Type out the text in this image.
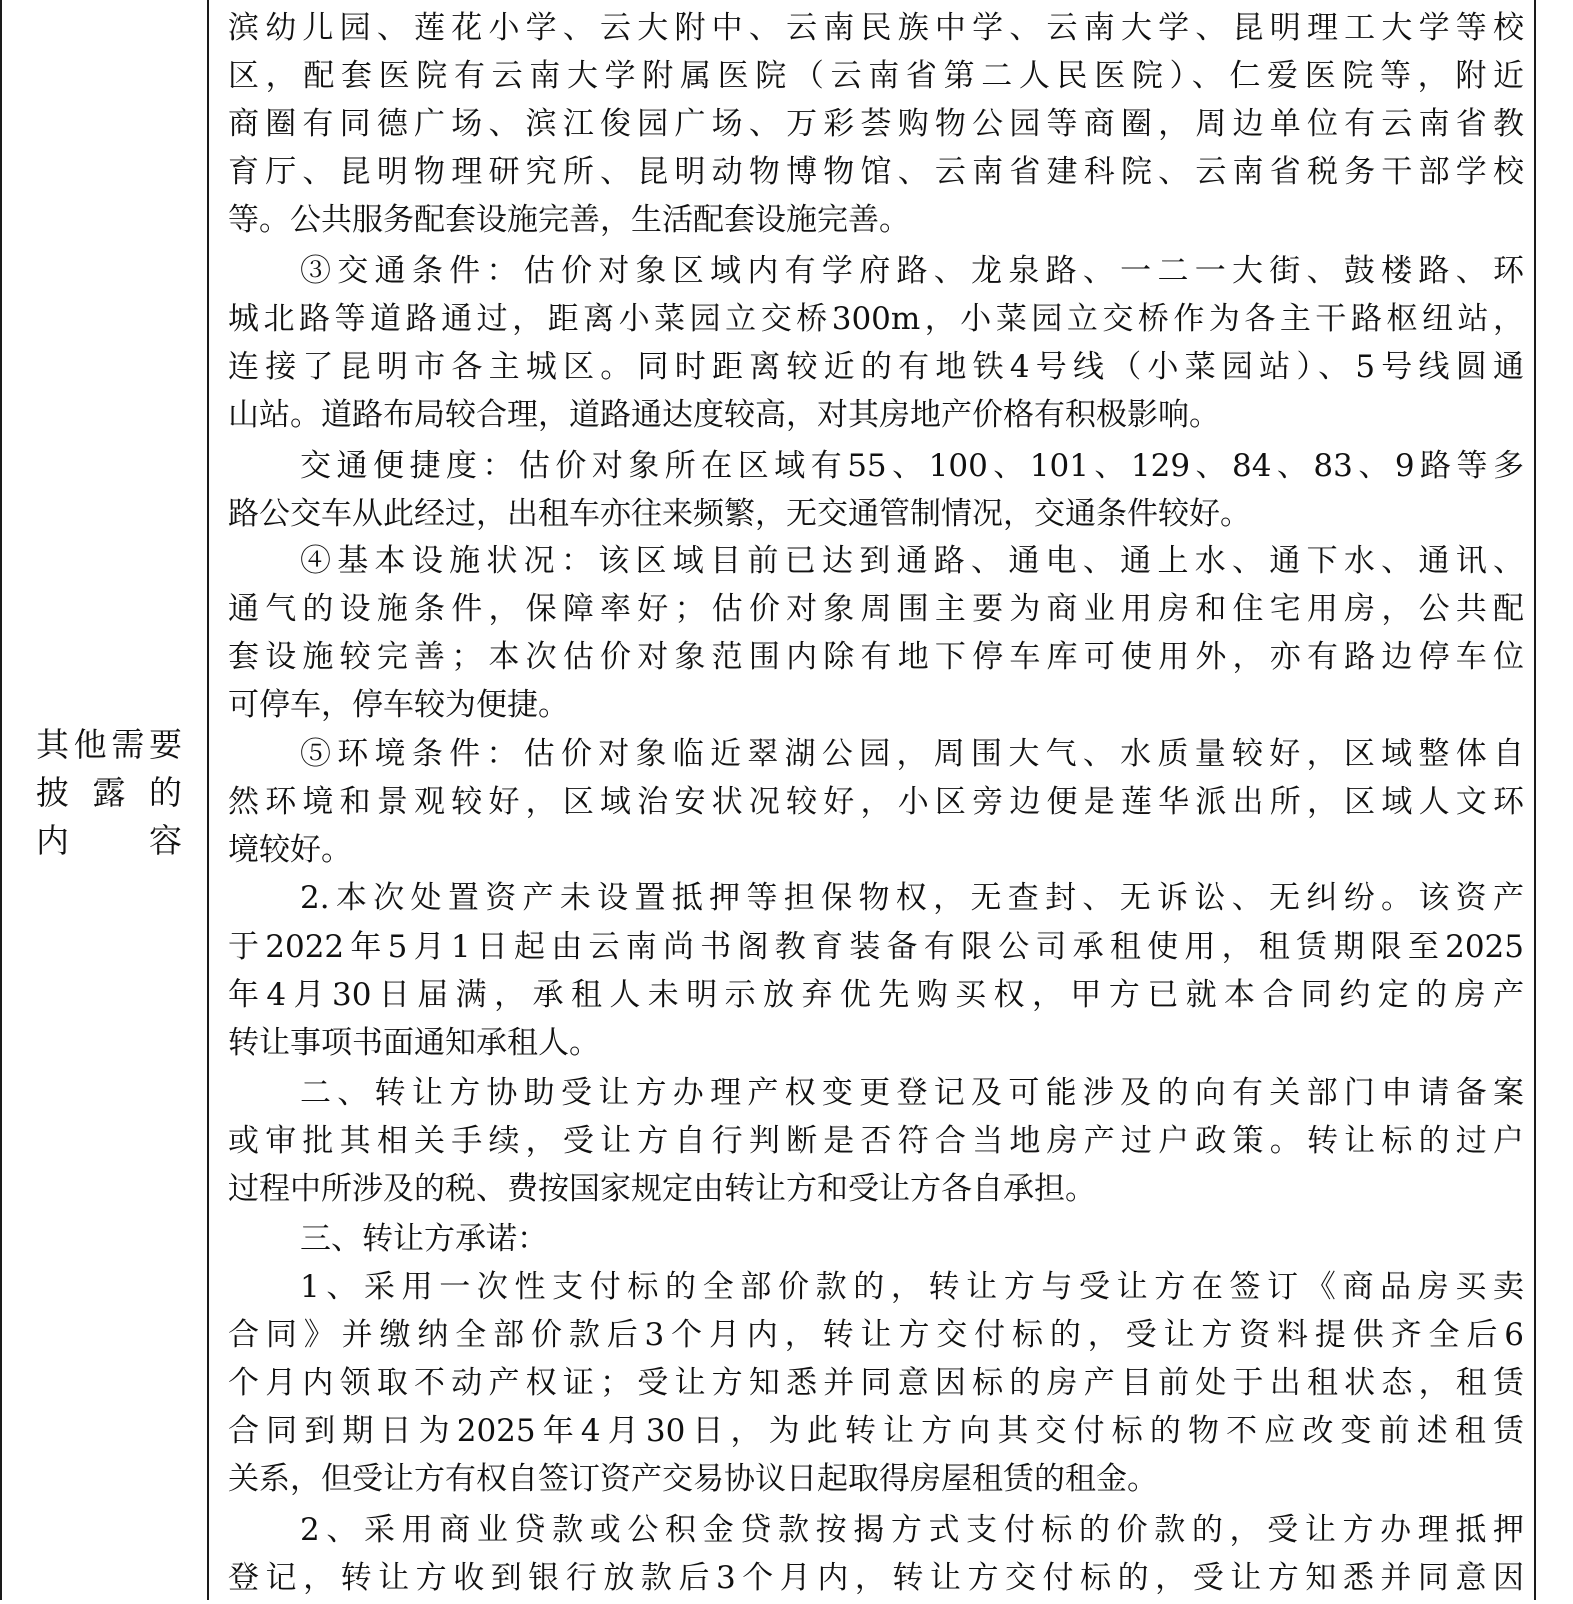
其他需要
披露的
内容
滨幼儿园、莲花小学、云大附中、云南民族中学、云南大学、昆明理工大学等校
区，配套医院有云南大学附属医院（云南省第二人民医院）、仁爱医院等，附近
商圈有同德广场、滨江俊园广场、万彩荟购物公园等商圈，周边单位有云南省教
育厅、昆明物理研究所、昆明动物博物馆、云南省建科院、云南省税务干部学校
等。公共服务配套设施完善，生活配套设施完善。
③交通条件：估价对象区域内有学府路、龙泉路、一二一大街、鼓楼路、环
城北路等道路通过，距离小菜园立交桥300m，小菜园立交桥作为各主干路枢纽站，
连接了昆明市各主城区。同时距离较近的有地铁4号线（小菜园站）、5号线圆通
山站。道路布局较合理，道路通达度较高，对其房地产价格有积极影响。
交通便捷度：估价对象所在区域有55、100、101、129、84、83、9路等多
路公交车从此经过，出租车亦往来频繁，无交通管制情况，交通条件较好。
④基本设施状况：该区域目前已达到通路、通电、通上水、通下水、通讯、
通气的设施条件，保障率好；估价对象周围主要为商业用房和住宅用房，公共配
套设施较完善；本次估价对象范围内除有地下停车库可使用外，亦有路边停车位
可停车，停车较为便捷。
⑤环境条件：估价对象临近翠湖公园，周围大气、水质量较好，区域整体自
然环境和景观较好，区域治安状况较好，小区旁边便是莲华派出所，区域人文环
境较好。
2.本次处置资产未设置抵押等担保物权，无查封、无诉讼、无纠纷。该资产
于2022年5月1日起由云南尚书阁教育装备有限公司承租使用，租赁期限至2025
年4月30日届满，承租人未明示放弃优先购买权，甲方已就本合同约定的房产
转让事项书面通知承租人。
二、转让方协助受让方办理产权变更登记及可能涉及的向有关部门申请备案
或审批其相关手续，受让方自行判断是否符合当地房产过户政策。转让标的过户
过程中所涉及的税、费按国家规定由转让方和受让方各自承担。
三、转让方承诺：
1、采用一次性支付标的全部价款的，转让方与受让方在签订《商品房买卖
合同》并缴纳全部价款后3个月内，转让方交付标的，受让方资料提供齐全后6
个月内领取不动产权证；受让方知悉并同意因标的房产目前处于出租状态，租赁
合同到期日为2025年4月30日，为此转让方向其交付标的物不应改变前述租赁
关系，但受让方有权自签订资产交易协议日起取得房屋租赁的租金。
2、采用商业贷款或公积金贷款按揭方式支付标的价款的，受让方办理抵押
登记，转让方收到银行放款后3个月内，转让方交付标的，受让方知悉并同意因
